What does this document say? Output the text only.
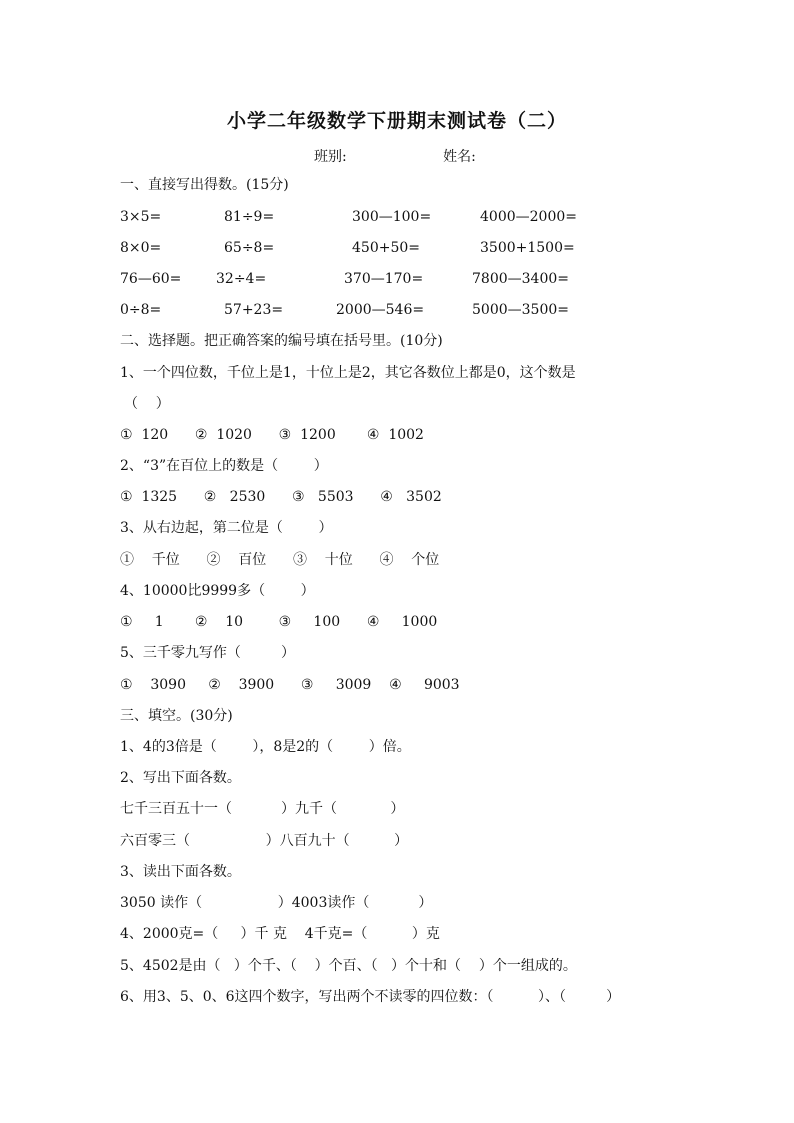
小学二年级数学下册期末测试卷（二）
班别:	姓名:
一、直接写出得数。(15分)
3×5=	81÷9=	300—100=	4000—2000=
8×0=	65÷8=	450+50=	3500+1500=
76—60= 32÷4=	370—170=	7800—3400=
0÷8=	57+23=	2000—546=	5000—3500=
二、选择题。把正确答案的编号填在括号里。(10分)
1、一个四位数，千位上是1，十位上是2，其它各数位上都是0，这个数是
（    ）
①  120      ②  1020      ③  1200       ④  1002
2、“3”在百位上的数是（        ）
①  1325      ②   2530      ③   5503      ④   3502
3、从右边起，第二位是（        ）
①    千位      ②    百位      ③    十位      ④    个位
4、10000比9999多（        ）
①     1       ②    10        ③     100      ④     1000
5、三千零九写作（         ）
①    3090     ②    3900      ③     3009    ④     9003
三、填空。(30分)
1、4的3倍是（        ），8是2的（        ）倍。
2、写出下面各数。
七千三百五十一（           ）九千（            ）
六百零三（                 ）八百九十（          ）
3、读出下面各数。
3050 读作（                 ）4003读作（           ）
4、2000克=（     ）千 克    4千克=（          ）克
5、4502是由（   ）个千、（    ）个百、（   ）个十和（    ）个一组成的。
6、用3、5、0、6这四个数字，写出两个不读零的四位数：（          ）、（         ）
